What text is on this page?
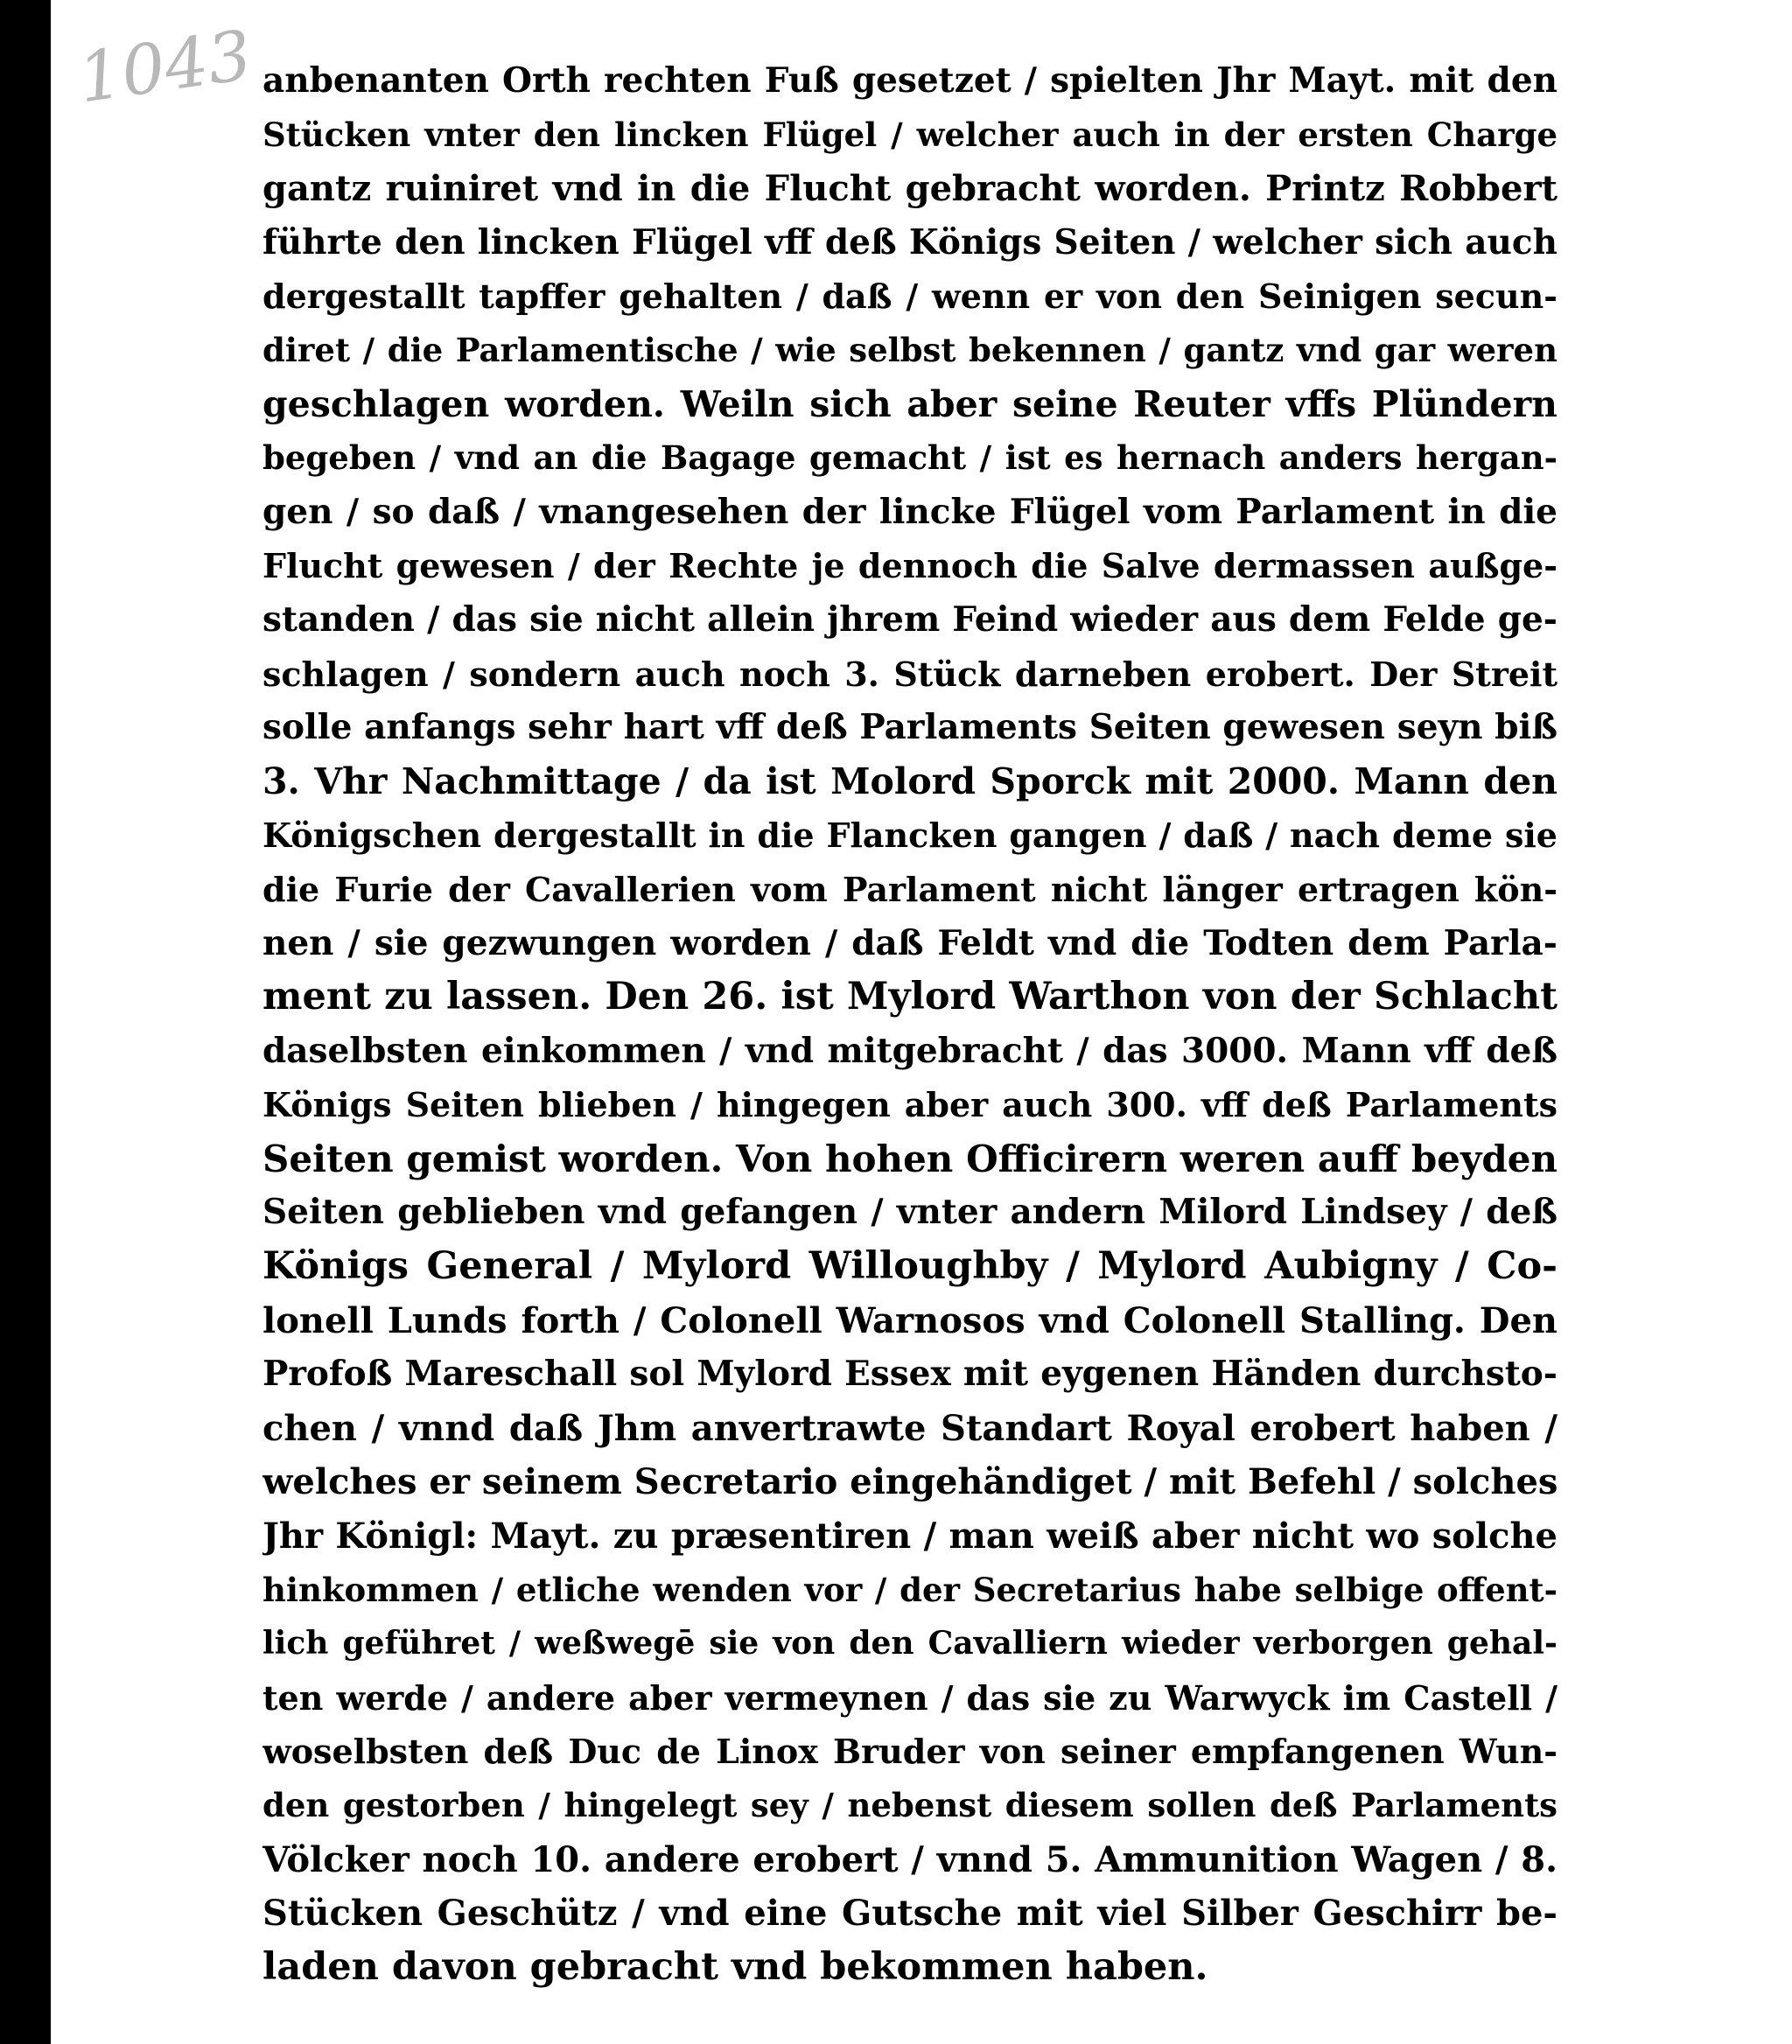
1043 anbenanten Orth rechten Fuß gesetzet / spielten Jhr Mayt. mit den
Stücken vnter den lincken Flügel / welcher auch in der ersten Charge
gantz ruiniret vnd in die Flucht gebracht worden. Printz Robbert
führte den lincken Flügel vff deß Königs Seiten / welcher sich auch
dergestallt tapffer gehalten / daß / wenn er von den Seinigen secun-
diret / die Parlamentische / wie selbst bekennen / gantz vnd gar weren
geschlagen worden. Weiln sich aber seine Reuter vffs Plündern
begeben / vnd an die Bagage gemacht / ist es hernach anders hergan-
gen / so daß / vnangesehen der lincke Flügel vom Parlament in die
Flucht gewesen / der Rechte je dennoch die Salve dermassen außge-
standen / das sie nicht allein jhrem Feind wieder aus dem Felde ge-
schlagen / sondern auch noch 3. Stück darneben erobert. Der Streit
solle anfangs sehr hart vff deß Parlaments Seiten gewesen seyn biß
3. Vhr Nachmittage / da ist Molord Sporck mit 2000. Mann den
Königschen dergestallt in die Flancken gangen / daß / nach deme sie
die Furie der Cavallerien vom Parlament nicht länger ertragen kön-
nen / sie gezwungen worden / daß Feldt vnd die Todten dem Parla-
ment zu lassen. Den 26. ist Mylord Warthon von der Schlacht
daselbsten einkommen / vnd mitgebracht / das 3000. Mann vff deß
Königs Seiten blieben / hingegen aber auch 300. vff deß Parlaments
Seiten gemist worden. Von hohen Officirern weren auff beyden
Seiten geblieben vnd gefangen / vnter andern Milord Lindsey / deß
Königs General / Mylord Willoughby / Mylord Aubigny / Co-
lonell Lunds forth / Colonell Warnosos vnd Colonell Stalling. Den
Profoß Mareschall sol Mylord Essex mit eygenen Händen durchsto-
chen / vnnd daß Jhm anvertrawte Standart Royal erobert haben /
welches er seinem Secretario eingehändiget / mit Befehl / solches
Jhr Königl: Mayt. zu præsentiren / man weiß aber nicht wo solche
hinkommen / etliche wenden vor / der Secretarius habe selbige offent-
lich geführet / weßwegē sie von den Cavalliern wieder verborgen gehal-
ten werde / andere aber vermeynen / das sie zu Warwyck im Castell /
woselbsten deß Duc de Linox Bruder von seiner empfangenen Wun-
den gestorben / hingelegt sey / nebenst diesem sollen deß Parlaments
Völcker noch 10. andere erobert / vnnd 5. Ammunition Wagen / 8.
Stücken Geschütz / vnd eine Gutsche mit viel Silber Geschirr be-
laden davon gebracht vnd bekommen haben.
